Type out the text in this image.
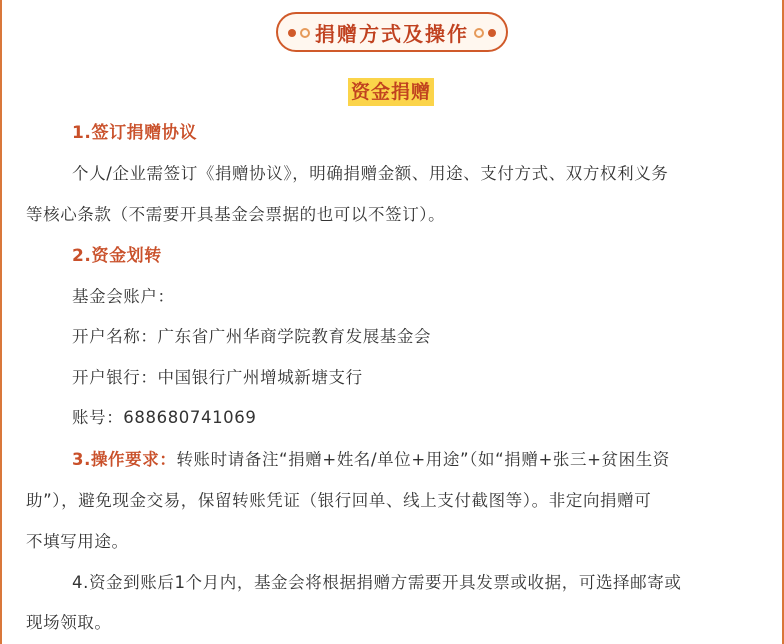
捐赠方式及操作
资金捐赠
1.签订捐赠协议
个人/企业需签订《捐赠协议》，明确捐赠金额、用途、支付方式、双方权利义务
等核心条款（不需要开具基金会票据的也可以不签订）。
2.资金划转
基金会账户：
开户名称：广东省广州华商学院教育发展基金会
开户银行：中国银行广州增城新塘支行
账号：688680741069
3.操作要求：转账时请备注“捐赠+姓名/单位+用途”（如“捐赠+张三+贫困生资
助”），避免现金交易，保留转账凭证（银行回单、线上支付截图等）。非定向捐赠可
不填写用途。
4.资金到账后1个月内，基金会将根据捐赠方需要开具发票或收据，可选择邮寄或
现场领取。
